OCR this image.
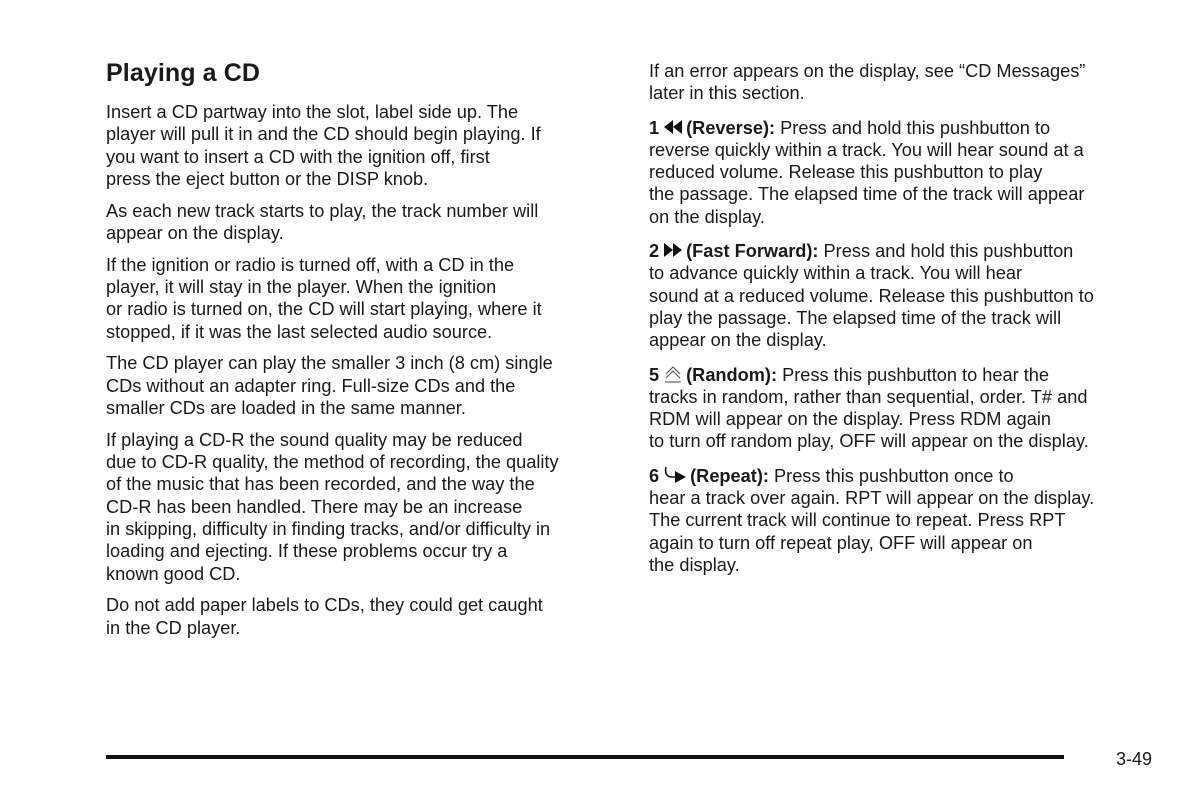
Playing a CD

Insert a CD partway into the slot, label side up. The
player will pull it in and the CD should begin playing. If
you want to insert a CD with the ignition off, first
press the eject button or the DISP knob.

As each new track starts to play, the track number will
appear on the display.

If the ignition or radio is turned off, with a CD in the
player, it will stay in the player. When the ignition
or radio is turned on, the CD will start playing, where it
stopped, if it was the last selected audio source.

The CD player can play the smaller 3 inch (8 cm) single
CDs without an adapter ring. Full-size CDs and the
smaller CDs are loaded in the same manner.

If playing a CD-R the sound quality may be reduced
due to CD-R quality, the method of recording, the quality
of the music that has been recorded, and the way the
CD-R has been handled. There may be an increase
in skipping, difficulty in finding tracks, and/or difficulty in
loading and ejecting. If these problems occur try a
known good CD.

Do not add paper labels to CDs, they could get caught
in the CD player.

If an error appears on the display, see “CD Messages”
later in this section.

1 (Reverse): Press and hold this pushbutton to
reverse quickly within a track. You will hear sound at a
reduced volume. Release this pushbutton to play
the passage. The elapsed time of the track will appear
on the display.

2 (Fast Forward): Press and hold this pushbutton
to advance quickly within a track. You will hear
sound at a reduced volume. Release this pushbutton to
play the passage. The elapsed time of the track will
appear on the display.

5 (Random): Press this pushbutton to hear the
tracks in random, rather than sequential, order. T# and
RDM will appear on the display. Press RDM again
to turn off random play, OFF will appear on the display.

6 (Repeat): Press this pushbutton once to
hear a track over again. RPT will appear on the display.
The current track will continue to repeat. Press RPT
again to turn off repeat play, OFF will appear on
the display.

3-49
